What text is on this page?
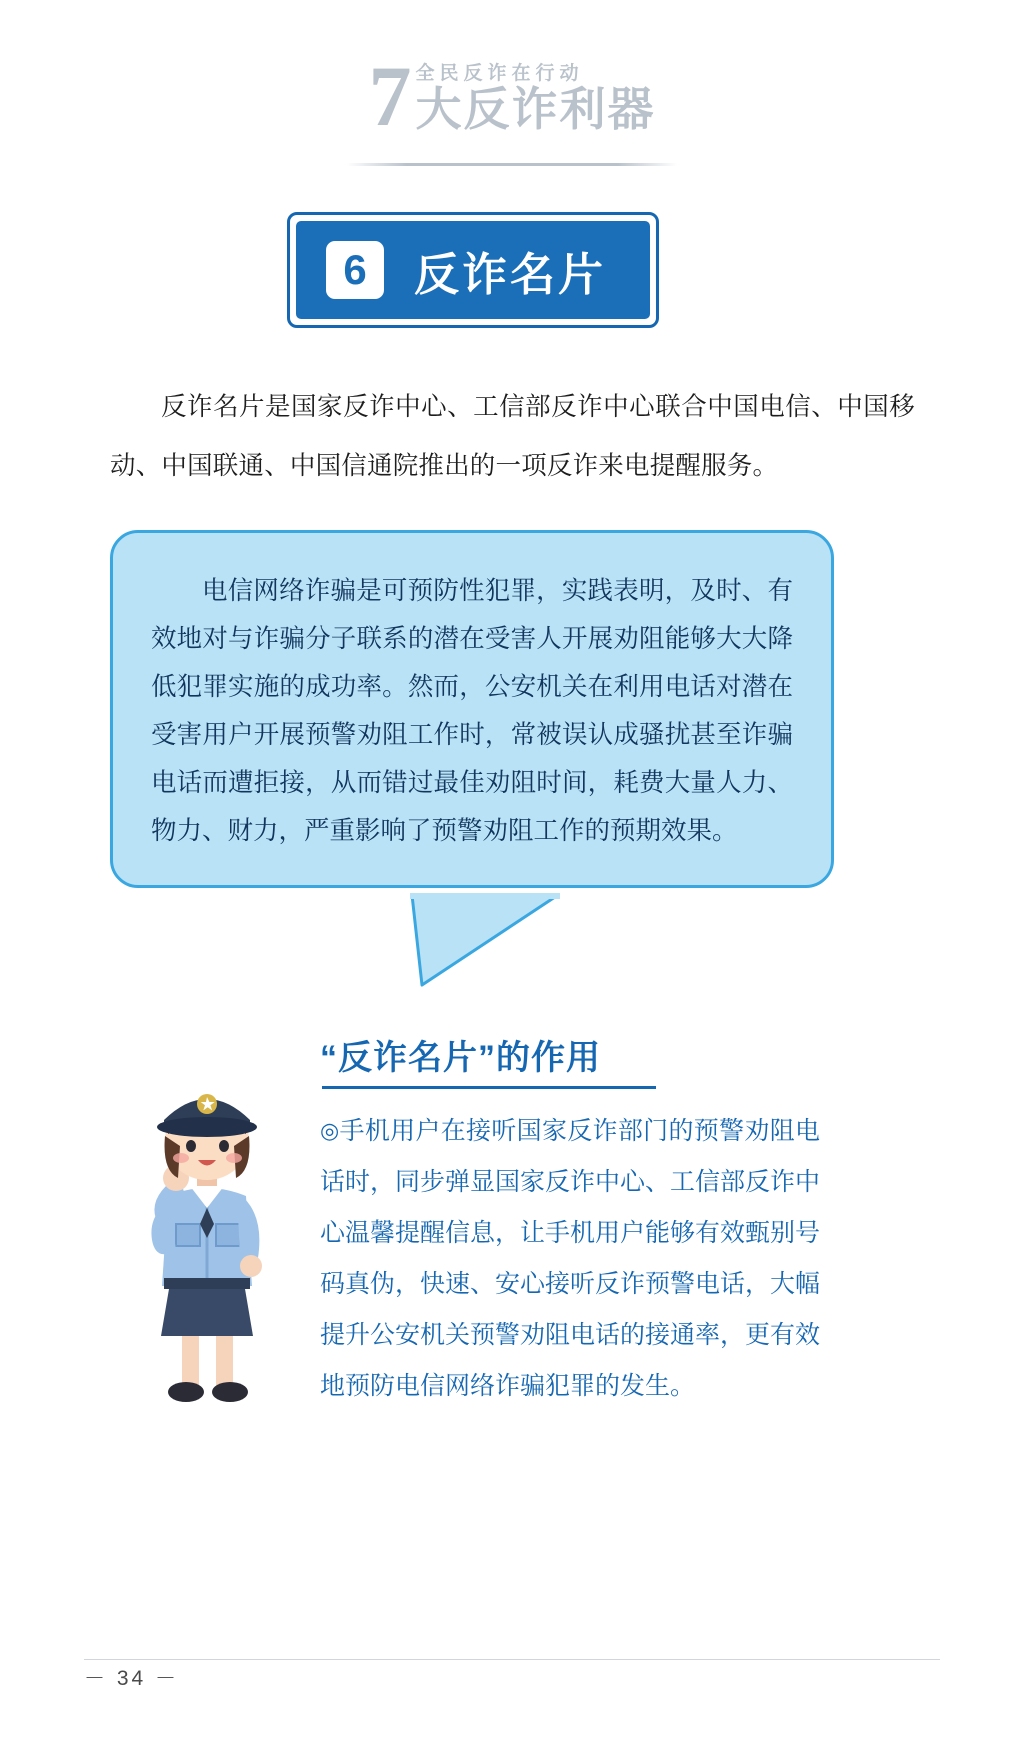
7 全民反诈在行动
大反诈利器
6	反诈名片
反诈名片是国家反诈中心、工信部反诈中心联合中国电信、中国移动、中国联通、中国信通院推出的一项反诈来电提醒服务。
电信网络诈骗是可预防性犯罪，实践表明，及时、有效地对与诈骗分子联系的潜在受害人开展劝阻能够大大降低犯罪实施的成功率。然而，公安机关在利用电话对潜在受害用户开展预警劝阻工作时，常被误认成骚扰甚至诈骗电话而遭拒接，从而错过最佳劝阻时间，耗费大量人力、物力、财力，严重影响了预警劝阻工作的预期效果。
“反诈名片”的作用
◎手机用户在接听国家反诈部门的预警劝阻电话时，同步弹显国家反诈中心、工信部反诈中心温馨提醒信息，让手机用户能够有效甄别号码真伪，快速、安心接听反诈预警电话，大幅提升公安机关预警劝阻电话的接通率，更有效地预防电信网络诈骗犯罪的发生。
－ 34 －
